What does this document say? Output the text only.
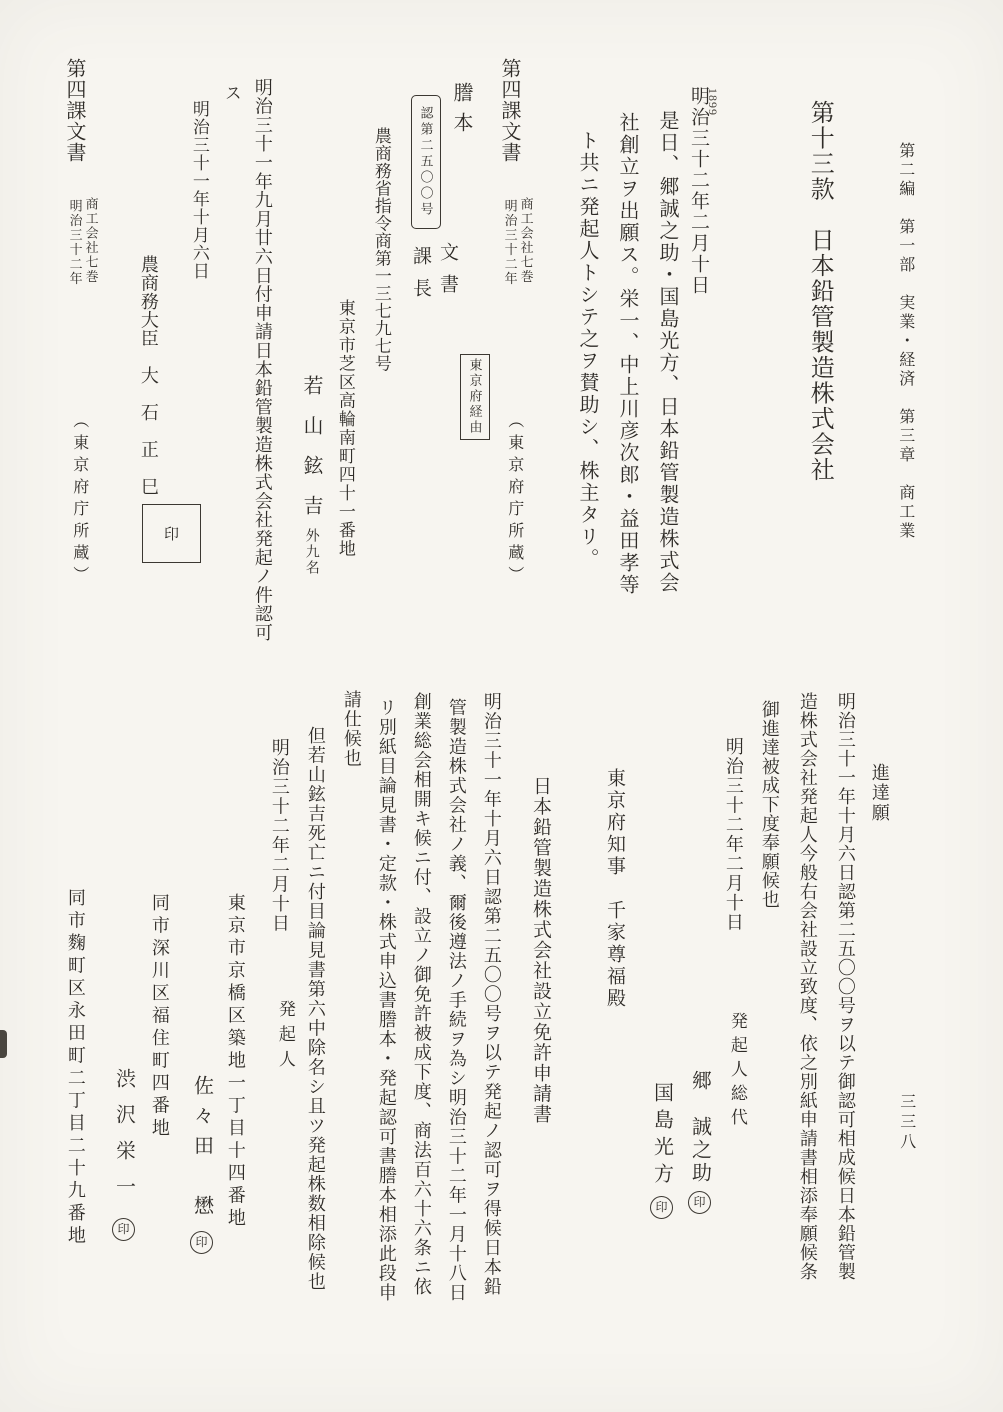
第二編　第一部　実業・経済　第三章　商工業
第十三款　日本鉛管製造株式会社
1899
明治三十二年二月十日
是日、郷誠之助・国島光方、日本鉛管製造株式会
社創立ヲ出願ス。栄一、中上川彦次郎・益田孝等
ト共ニ発起人トシテ之ヲ賛助シ、株主タリ。
第四課文書
商工会社七巻
明治三十二年
（東京府庁所蔵）
謄本
認第二五〇〇号
文書
課長
東京府経由
農商務省指令商第一三七九七号
東京市芝区高輪南町四十一番地
若　山　鉉　吉
外九名
明治三十一年九月廿六日付申請日本鉛管製造株式会社発起ノ件認可
ス
明治三十一年十月六日
農商務大臣　大　石　正　巳
印
第四課文書
商工会社七巻
明治三十二年
（東京府庁所蔵）
進達願
明治三十一年十月六日認第二五〇〇号ヲ以テ御認可相成候日本鉛管製
造株式会社発起人今般右会社設立致度、依之別紙申請書相添奉願候条
御進達被成下度奉願候也
明治三十二年二月十日
発起人総代
郷　誠之助印
国島光方印
東京府知事　千家尊福殿
日本鉛管製造株式会社設立免許申請書
明治三十一年十月六日認第二五〇〇号ヲ以テ発起ノ認可ヲ得候日本鉛
管製造株式会社ノ義、爾後遵法ノ手続ヲ為シ明治三十二年一月十八日
創業総会相開キ候ニ付、設立ノ御免許被成下度、商法百六十六条ニ依
リ別紙目論見書・定款・株式申込書謄本・発起認可書謄本相添此段申
請仕候也
但若山鉉吉死亡ニ付目論見書第六中除名シ且ツ発起株数相除候也
明治三十二年二月十日
発起人
東京市京橋区築地一丁目十四番地
佐々田　懋印
同市深川区福住町四番地
渋沢栄一印
同市麴町区永田町二丁目二十九番地	三三八
